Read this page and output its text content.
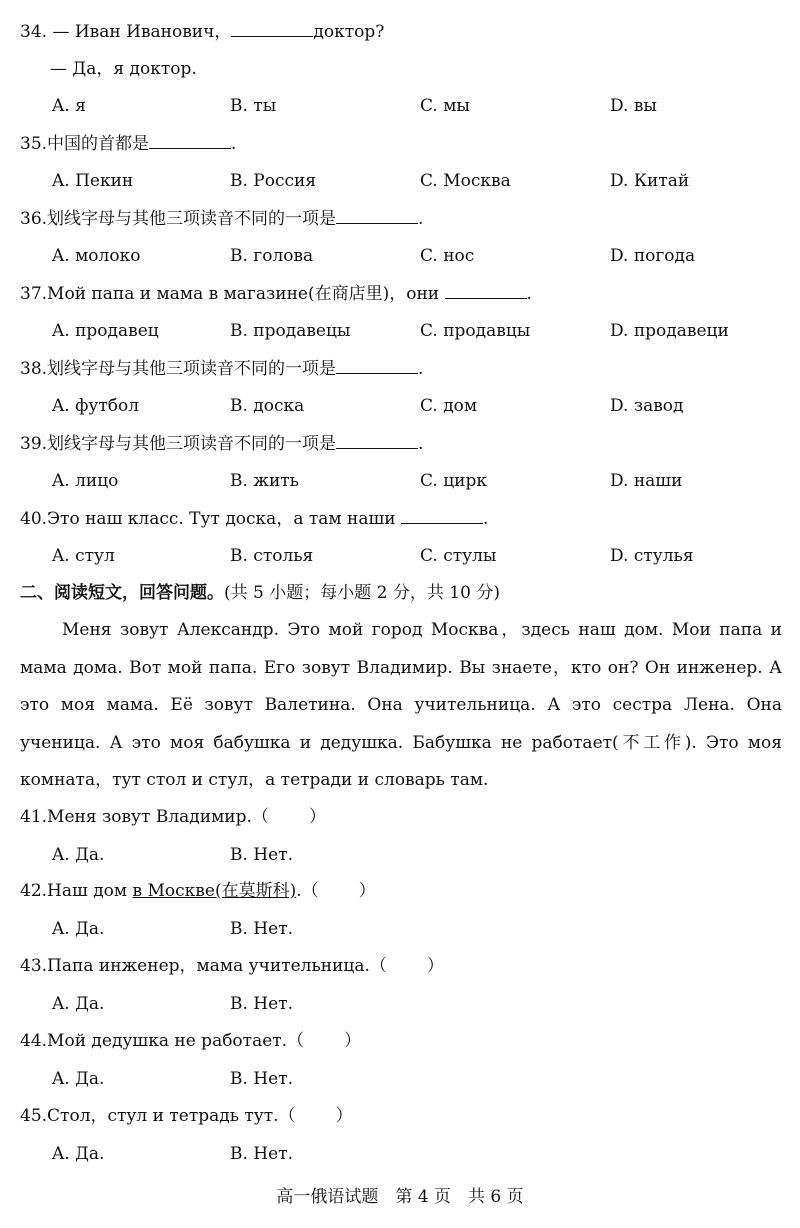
34. — Иван Иванович，	доктор?
— Да，я доктор.
A. я	B. ты	C. мы	D. вы
35.中国的首都是	.
A. Пекин	B. Россия	C. Москва	D. Китай
36.划线字母与其他三项读音不同的一项是	.
A. молоко	B. голова	C. нос	D. погода
37.Мой папа и мама в магазине(在商店里)，они	.
A. продавец	B. продавецы	C. продавцы	D. продавеци
38.划线字母与其他三项读音不同的一项是	.
A. футбол	B. доска	C. дом	D. завод
39.划线字母与其他三项读音不同的一项是	.
A. лицо	B. жить	C. цирк	D. наши
40.Это наш класс. Тут доска，а там наши	.
A. стул	B. столья	C. стулы	D. стулья
二、阅读短文，回答问题。(共 5 小题；每小题 2 分，共 10 分)
Меня зовут Александр. Это мой город Москва，здесь наш дом. Мои папа и
мама дома. Вот мой папа. Его зовут Владимир. Вы знаете，кто он? Он инженер. А
это моя мама. Её зовут Валетина. Она учительница. А это сестра Лена. Она
ученица. А это моя бабушка и дедушка. Бабушка не работает(不工作). Это моя
комната，тут стол и стул，а тетради и словарь там.
41.Меня зовут Владимир.（ ）
A. Да.	B. Нет.
42.Наш дом в Москве(在莫斯科).（ ）
A. Да.	B. Нет.
43.Папа инженер，мама учительница.（ ）
A. Да.	B. Нет.
44.Мой дедушка не работает.（ ）
A. Да.	B. Нет.
45.Стол，стул и тетрадь тут.（ ）
A. Да.	B. Нет.
高一俄语试题　第 4 页　共 6 页
